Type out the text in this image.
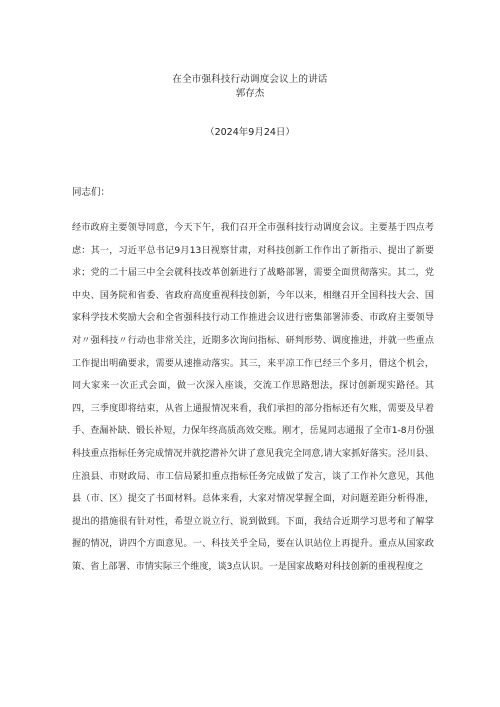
在全市强科技行动调度会议上的讲话
郭存杰
（2024年9月24日）
同志们：
经市政府主要领导同意，今天下午，我们召开全市强科技行动调度会议。主要基于四点考虑：其一，习近平总书记9月13日视察甘肃，对科技创新工作作出了新指示、提出了新要求；党的二十届三中全会就科技改革创新进行了战略部署，需要全面贯彻落实。其二，党中央、国务院和省委、省政府高度重视科技创新，今年以来，相继召开全国科技大会、国家科学技术奖励大会和全省强科技行动工作推进会议进行密集部署沛委、市政府主要领导对〃强科技〃行动也非常关注，近期多次询问指标、研判形势、调度推进，并就一些重点工作提出明确要求，需要从速推动落实。其三，来平凉工作已经三个多月，借这个机会，同大家来一次正式会面，做一次深入座谈，交流工作思路想法，探讨创新现实路径。其四，三季度即将结束，从省上通报情况来看，我们承担的部分指标还有欠账，需要及早着手、查漏补缺、锻长补短，力保年终高质高效交账。刚才，岳晁同志通报了全市1-8月份强科技重点指标任务完成情况并就挖潜补欠讲了意见我完全同意,请大家抓好落实。泾川县、庄浪县、市财政局、市工信局紧扣重点指标任务完成做了发言，谈了工作补欠意见，其他县（市、区）提交了书面材料。总体来看，大家对情况掌握全面，对问题差距分析得准，提出的措施很有针对性，希望立说立行、说到做到。下面，我结合近期学习思考和了解掌握的情况，讲四个方面意见。一、科技关乎全局，要在认识站位上再提升。重点从国家政策、省上部署、市情实际三个维度，谈3点认识。一是国家战略对科技创新的重视程度之
